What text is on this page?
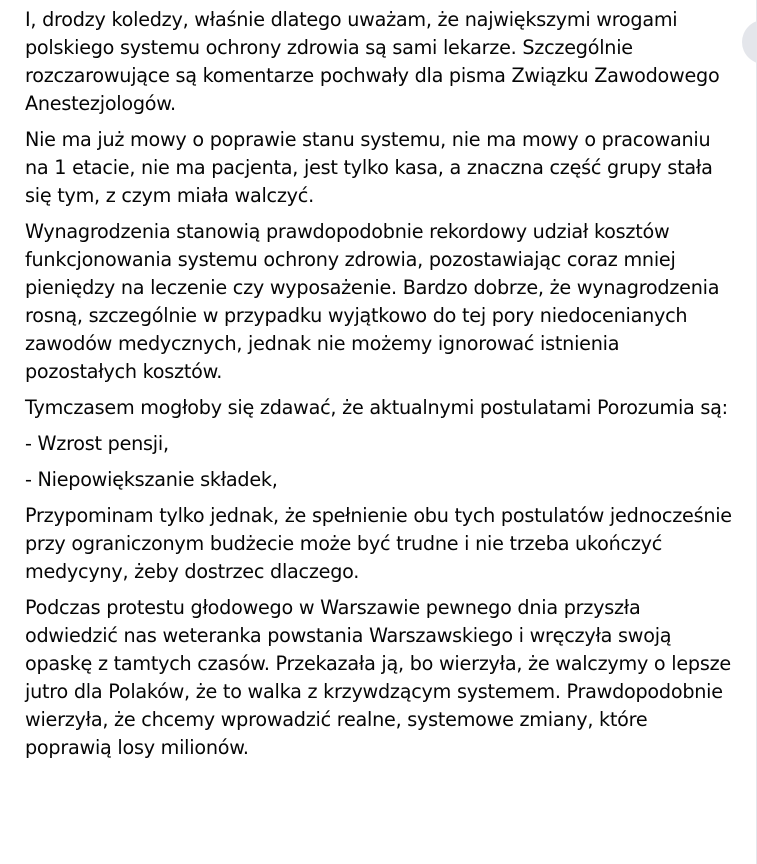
I, drodzy koledzy, właśnie dlatego uważam, że największymi wrogami polskiego systemu ochrony zdrowia są sami lekarze. Szczególnie rozczarowujące są komentarze pochwały dla pisma Związku Zawodowego Anestezjologów.

Nie ma już mowy o poprawie stanu systemu, nie ma mowy o pracowaniu na 1 etacie, nie ma pacjenta, jest tylko kasa, a znaczna część grupy stała się tym, z czym miała walczyć.

Wynagrodzenia stanowią prawdopodobnie rekordowy udział kosztów funkcjonowania systemu ochrony zdrowia, pozostawiając coraz mniej pieniędzy na leczenie czy wyposażenie. Bardzo dobrze, że wynagrodzenia rosną, szczególnie w przypadku wyjątkowo do tej pory niedocenianych zawodów medycznych, jednak nie możemy ignorować istnienia pozostałych kosztów.

Tymczasem mogłoby się zdawać, że aktualnymi postulatami Porozumia są:

- Wzrost pensji,

- Niepowiększanie składek,

Przypominam tylko jednak, że spełnienie obu tych postulatów jednocześnie przy ograniczonym budżecie może być trudne i nie trzeba ukończyć medycyny, żeby dostrzec dlaczego.

Podczas protestu głodowego w Warszawie pewnego dnia przyszła odwiedzić nas weteranka powstania Warszawskiego i wręczyła swoją opaskę z tamtych czasów. Przekazała ją, bo wierzyła, że walczymy o lepsze jutro dla Polaków, że to walka z krzywdzącym systemem. Prawdopodobnie wierzyła, że chcemy wprowadzić realne, systemowe zmiany, które poprawią losy milionów.
